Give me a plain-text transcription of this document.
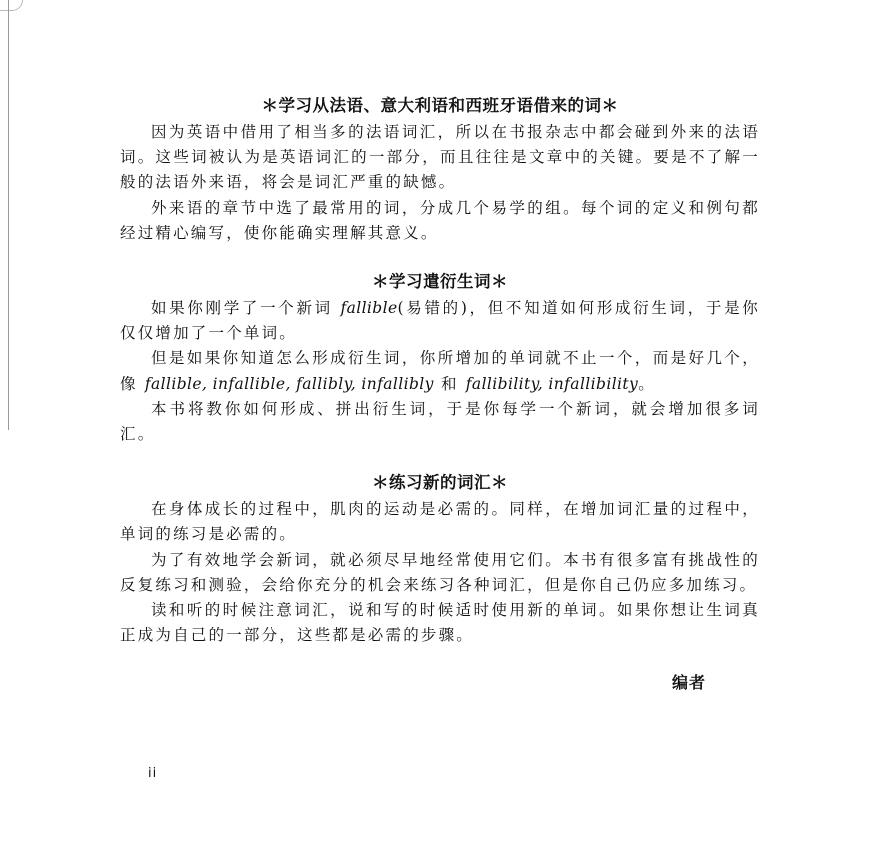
＊学习从法语、意大利语和西班牙语借来的词＊

因为英语中借用了相当多的法语词汇，所以在书报杂志中都会碰到外来的法语词。这些词被认为是英语词汇的一部分，而且往往是文章中的关键。要是不了解一般的法语外来语，将会是词汇严重的缺憾。

外来语的章节中选了最常用的词，分成几个易学的组。每个词的定义和例句都经过精心编写，使你能确实理解其意义。

＊学习遣衍生词＊

如果你刚学了一个新词 fallible(易错的)，但不知道如何形成衍生词，于是你仅仅增加了一个单词。

但是如果你知道怎么形成衍生词，你所增加的单词就不止一个，而是好几个，像 fallible, infallible, fallibly, infallibly 和 fallibility, infallibility。

本书将教你如何形成、拼出衍生词，于是你每学一个新词，就会增加很多词汇。

＊练习新的词汇＊

在身体成长的过程中，肌肉的运动是必需的。同样，在增加词汇量的过程中，单词的练习是必需的。

为了有效地学会新词，就必须尽早地经常使用它们。本书有很多富有挑战性的反复练习和测验，会给你充分的机会来练习各种词汇，但是你自己仍应多加练习。

读和听的时候注意词汇，说和写的时候适时使用新的单词。如果你想让生词真正成为自己的一部分，这些都是必需的步骤。

编者
ii
